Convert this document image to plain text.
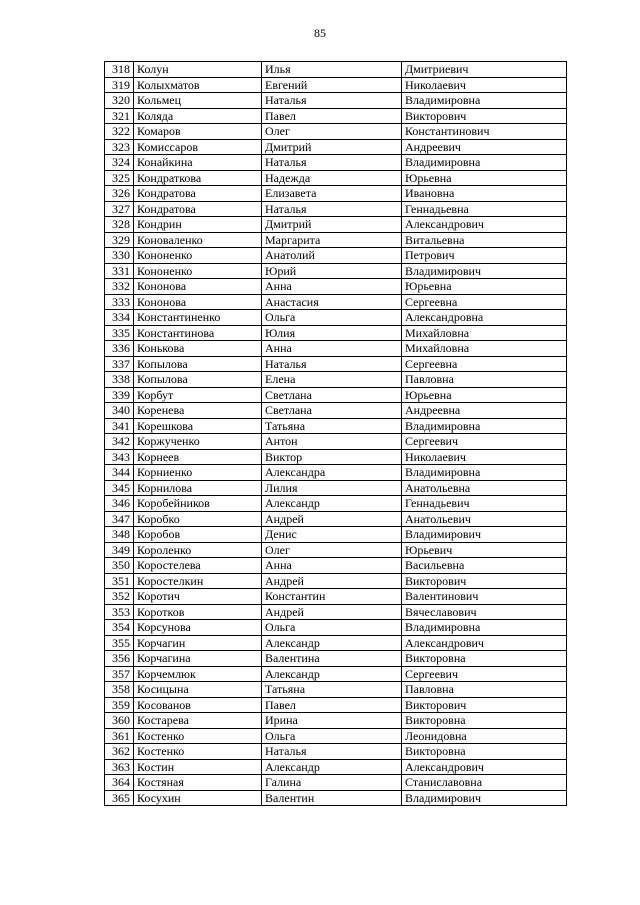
85
318	Колун	Илья	Дмитриевич
319	Колыхматов	Евгений	Николаевич
320	Кольмец	Наталья	Владимировна
321	Коляда	Павел	Викторович
322	Комаров	Олег	Константинович
323	Комиссаров	Дмитрий	Андреевич
324	Конайкина	Наталья	Владимировна
325	Кондраткова	Надежда	Юрьевна
326	Кондратова	Елизавета	Ивановна
327	Кондратова	Наталья	Геннадьевна
328	Кондрин	Дмитрий	Александрович
329	Коноваленко	Маргарита	Витальевна
330	Кононенко	Анатолий	Петрович
331	Кононенко	Юрий	Владимирович
332	Кононова	Анна	Юрьевна
333	Кононова	Анастасия	Сергеевна
334	Константиненко	Ольга	Александровна
335	Константинова	Юлия	Михайловна
336	Конькова	Анна	Михайловна
337	Копылова	Наталья	Сергеевна
338	Копылова	Елена	Павловна
339	Корбут	Светлана	Юрьевна
340	Коренева	Светлана	Андреевна
341	Корешкова	Татьяна	Владимировна
342	Коржученко	Антон	Сергеевич
343	Корнеев	Виктор	Николаевич
344	Корниенко	Александра	Владимировна
345	Корнилова	Лилия	Анатольевна
346	Коробейников	Александр	Геннадьевич
347	Коробко	Андрей	Анатольевич
348	Коробов	Денис	Владимирович
349	Короленко	Олег	Юрьевич
350	Коростелева	Анна	Васильевна
351	Коростелкин	Андрей	Викторович
352	Коротич	Константин	Валентинович
353	Коротков	Андрей	Вячеславович
354	Корсунова	Ольга	Владимировна
355	Корчагин	Александр	Александрович
356	Корчагина	Валентина	Викторовна
357	Корчемлюк	Александр	Сергеевич
358	Косицына	Татьяна	Павловна
359	Косованов	Павел	Викторович
360	Костарева	Ирина	Викторовна
361	Костенко	Ольга	Леонидовна
362	Костенко	Наталья	Викторовна
363	Костин	Александр	Александрович
364	Костяная	Галина	Станиславовна
365	Косухин	Валентин	Владимирович
